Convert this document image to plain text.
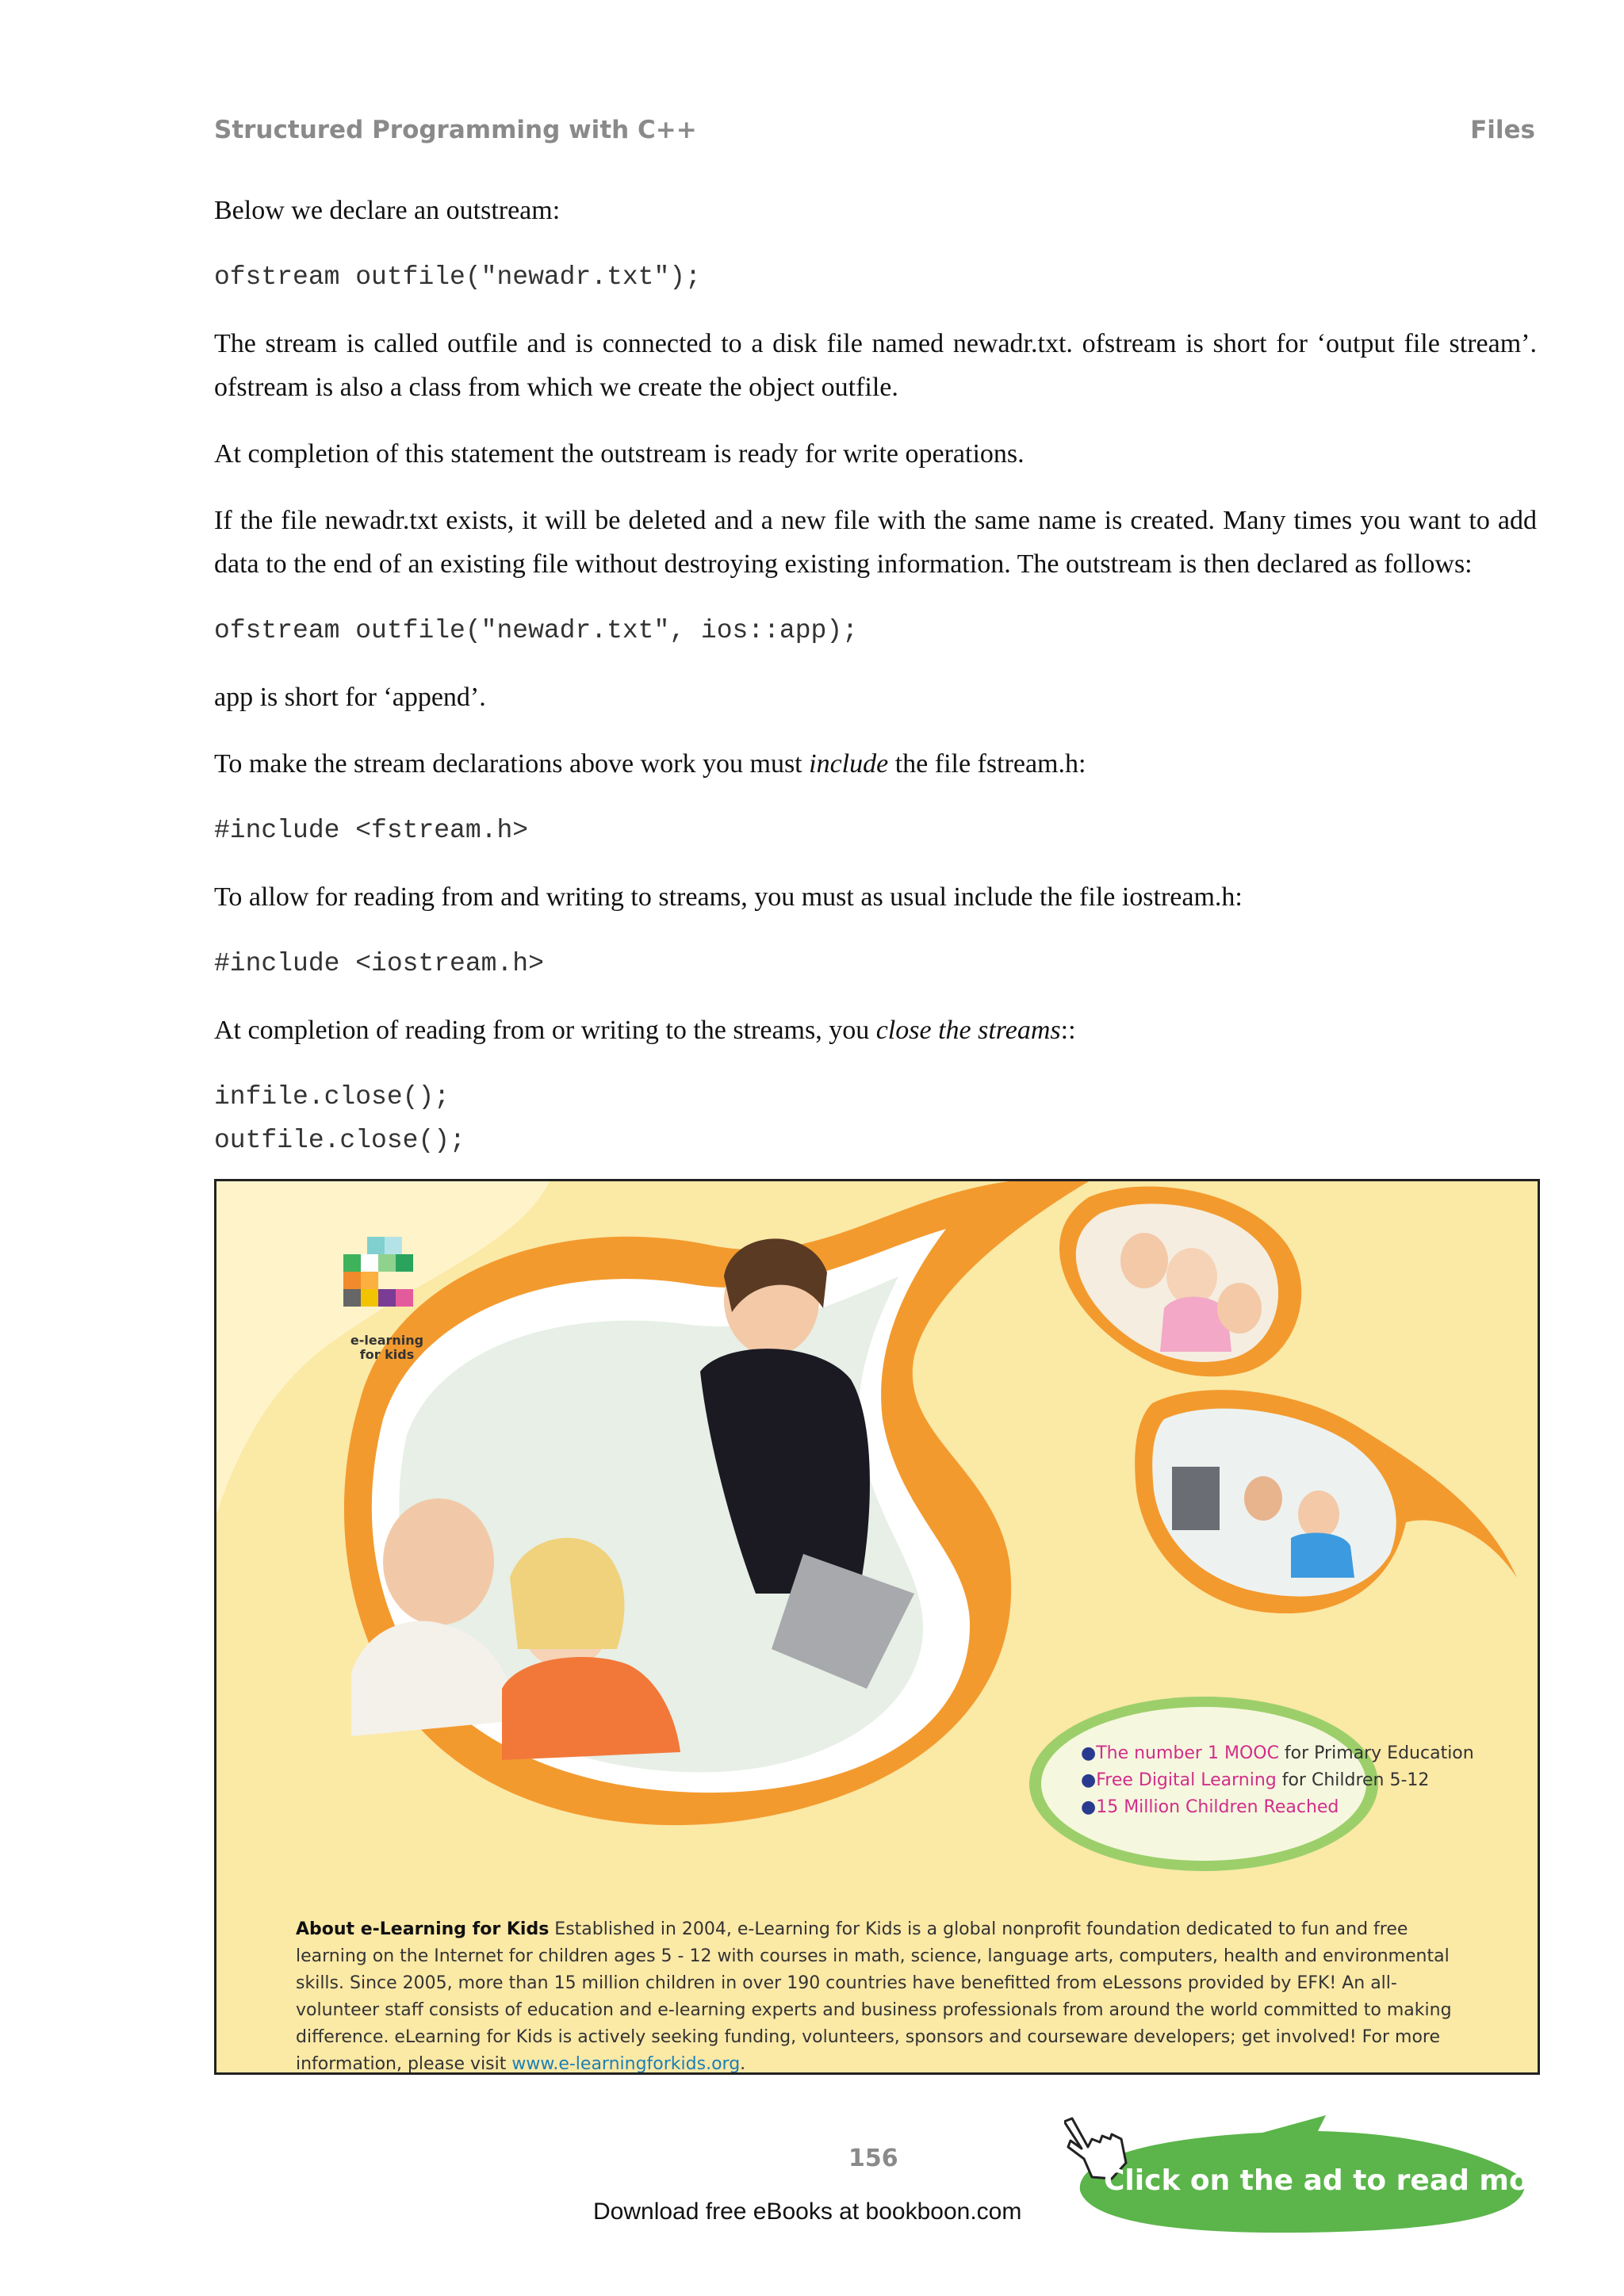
Structured Programming with C++	Files

Below we declare an outstream:

ofstream outfile("newadr.txt");

The stream is called outfile and is connected to a disk file named newadr.txt. ofstream is short for ‘output file stream’. ofstream is also a class from which we create the object outfile.

At completion of this statement the outstream is ready for write operations.

If the file newadr.txt exists, it will be deleted and a new file with the same name is created. Many times you want to add data to the end of an existing file without destroying existing information. The outstream is then declared as follows:

ofstream outfile("newadr.txt", ios::app);

app is short for ‘append’.

To make the stream declarations above work you must include the file fstream.h:

#include <fstream.h>

To allow for reading from and writing to streams, you must as usual include the file iostream.h:

#include <iostream.h>

At completion of reading from or writing to the streams, you close the streams::

infile.close();
outfile.close();
e-learning
for kids
●The number 1 MOOC for Primary Education
●Free Digital Learning for Children 5-12
●15 Million Children Reached
About e-Learning for Kids Established in 2004, e-Learning for Kids is a global nonprofit foundation dedicated to fun and free learning on the Internet for children ages 5 - 12 with courses in math, science, language arts, computers, health and environmental skills. Since 2005, more than 15 million children in over 190 countries have benefitted from eLessons provided by EFK! An all-volunteer staff consists of education and e-learning experts and business professionals from around the world committed to making difference. eLearning for Kids is actively seeking funding, volunteers, sponsors and courseware developers; get involved! For more information, please visit www.e-learningforkids.org.
Click on the ad to read more
156
Download free eBooks at bookboon.com
